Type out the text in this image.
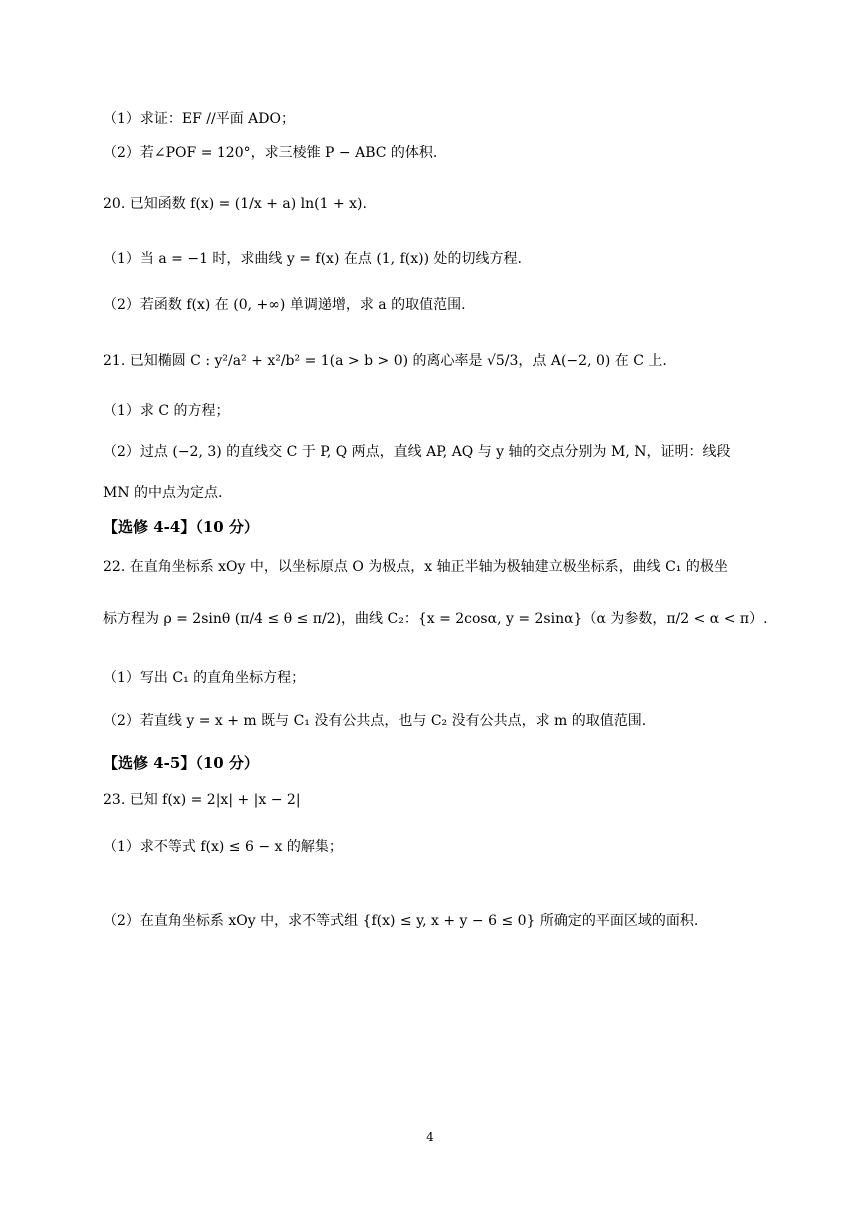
（1）求证：EF //平面 ADO；
（2）若∠POF = 120°，求三棱锥 P − ABC 的体积.
20. 已知函数 f(x) = (1/x + a) ln(1 + x).
（1）当 a = −1 时，求曲线 y = f(x) 在点 (1, f(x)) 处的切线方程.
（2）若函数 f(x) 在 (0, +∞) 单调递增，求 a 的取值范围.
21. 已知椭圆 C : y²/a² + x²/b² = 1(a > b > 0) 的离心率是 √5/3，点 A(−2, 0) 在 C 上.
（1）求 C 的方程；
（2）过点 (−2, 3) 的直线交 C 于 P, Q 两点，直线 AP, AQ 与 y 轴的交点分别为 M, N，证明：线段
MN 的中点为定点.
【选修 4-4】（10 分）
22. 在直角坐标系 xOy 中，以坐标原点 O 为极点，x 轴正半轴为极轴建立极坐标系，曲线 C₁ 的极坐
标方程为 ρ = 2sinθ (π/4 ≤ θ ≤ π/2)，曲线 C₂：{x = 2cosα, y = 2sinα}（α 为参数，π/2 < α < π）.
（1）写出 C₁ 的直角坐标方程；
（2）若直线 y = x + m 既与 C₁ 没有公共点，也与 C₂ 没有公共点，求 m 的取值范围.
【选修 4-5】（10 分）
23. 已知 f(x) = 2|x| + |x − 2|
（1）求不等式 f(x) ≤ 6 − x 的解集；
（2）在直角坐标系 xOy 中，求不等式组 {f(x) ≤ y, x + y − 6 ≤ 0} 所确定的平面区域的面积.
4
